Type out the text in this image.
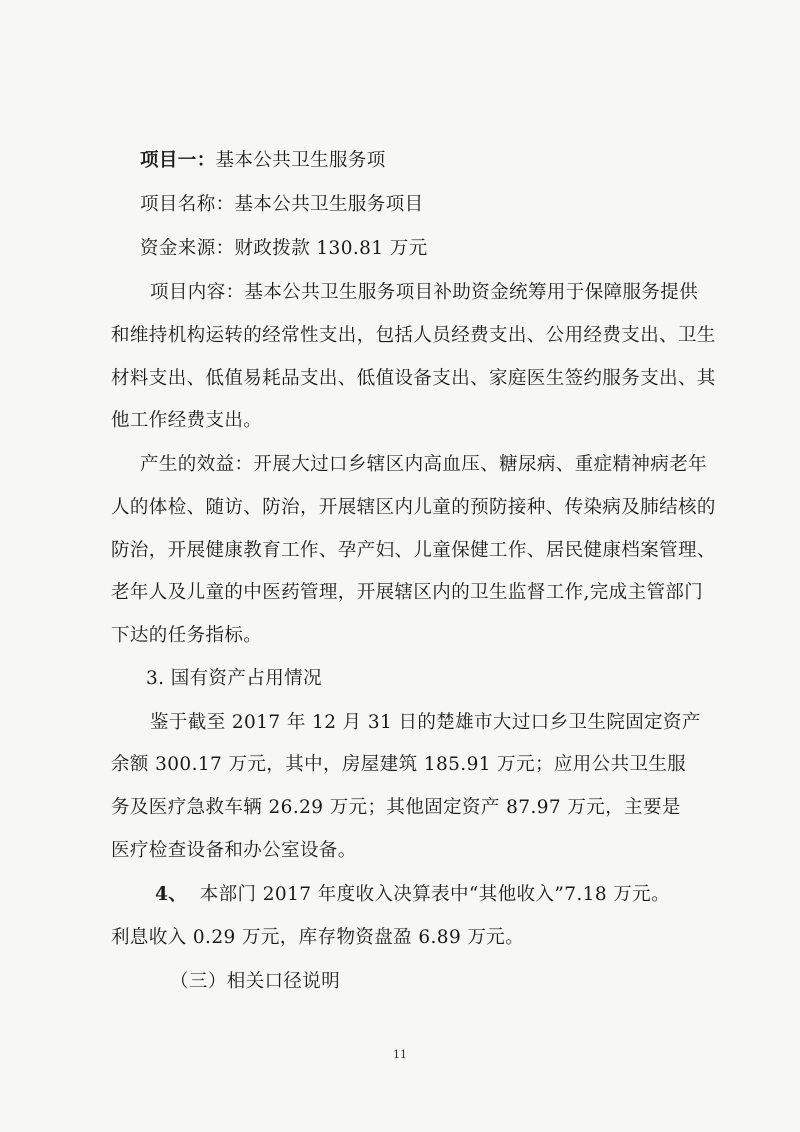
项目一：基本公共卫生服务项
项目名称：基本公共卫生服务项目
资金来源：财政拨款 130.81 万元
项目内容：基本公共卫生服务项目补助资金统筹用于保障服务提供
和维持机构运转的经常性支出，包括人员经费支出、公用经费支出、卫生
材料支出、低值易耗品支出、低值设备支出、家庭医生签约服务支出、其
他工作经费支出。
产生的效益：开展大过口乡辖区内高血压、糖尿病、重症精神病老年
人的体检、随访、防治，开展辖区内儿童的预防接种、传染病及肺结核的
防治，开展健康教育工作、孕产妇、儿童保健工作、居民健康档案管理、
老年人及儿童的中医药管理，开展辖区内的卫生监督工作,完成主管部门
下达的任务指标。
3. 国有资产占用情况
鉴于截至 2017 年 12 月 31 日的楚雄市大过口乡卫生院固定资产
余额 300.17 万元，其中，房屋建筑 185.91 万元；应用公共卫生服
务及医疗急救车辆 26.29 万元；其他固定资产 87.97 万元，主要是
医疗检查设备和办公室设备。
4、 本部门 2017 年度收入决算表中“其他收入”7.18 万元。
利息收入 0.29 万元，库存物资盘盈 6.89 万元。
（三）相关口径说明
11
